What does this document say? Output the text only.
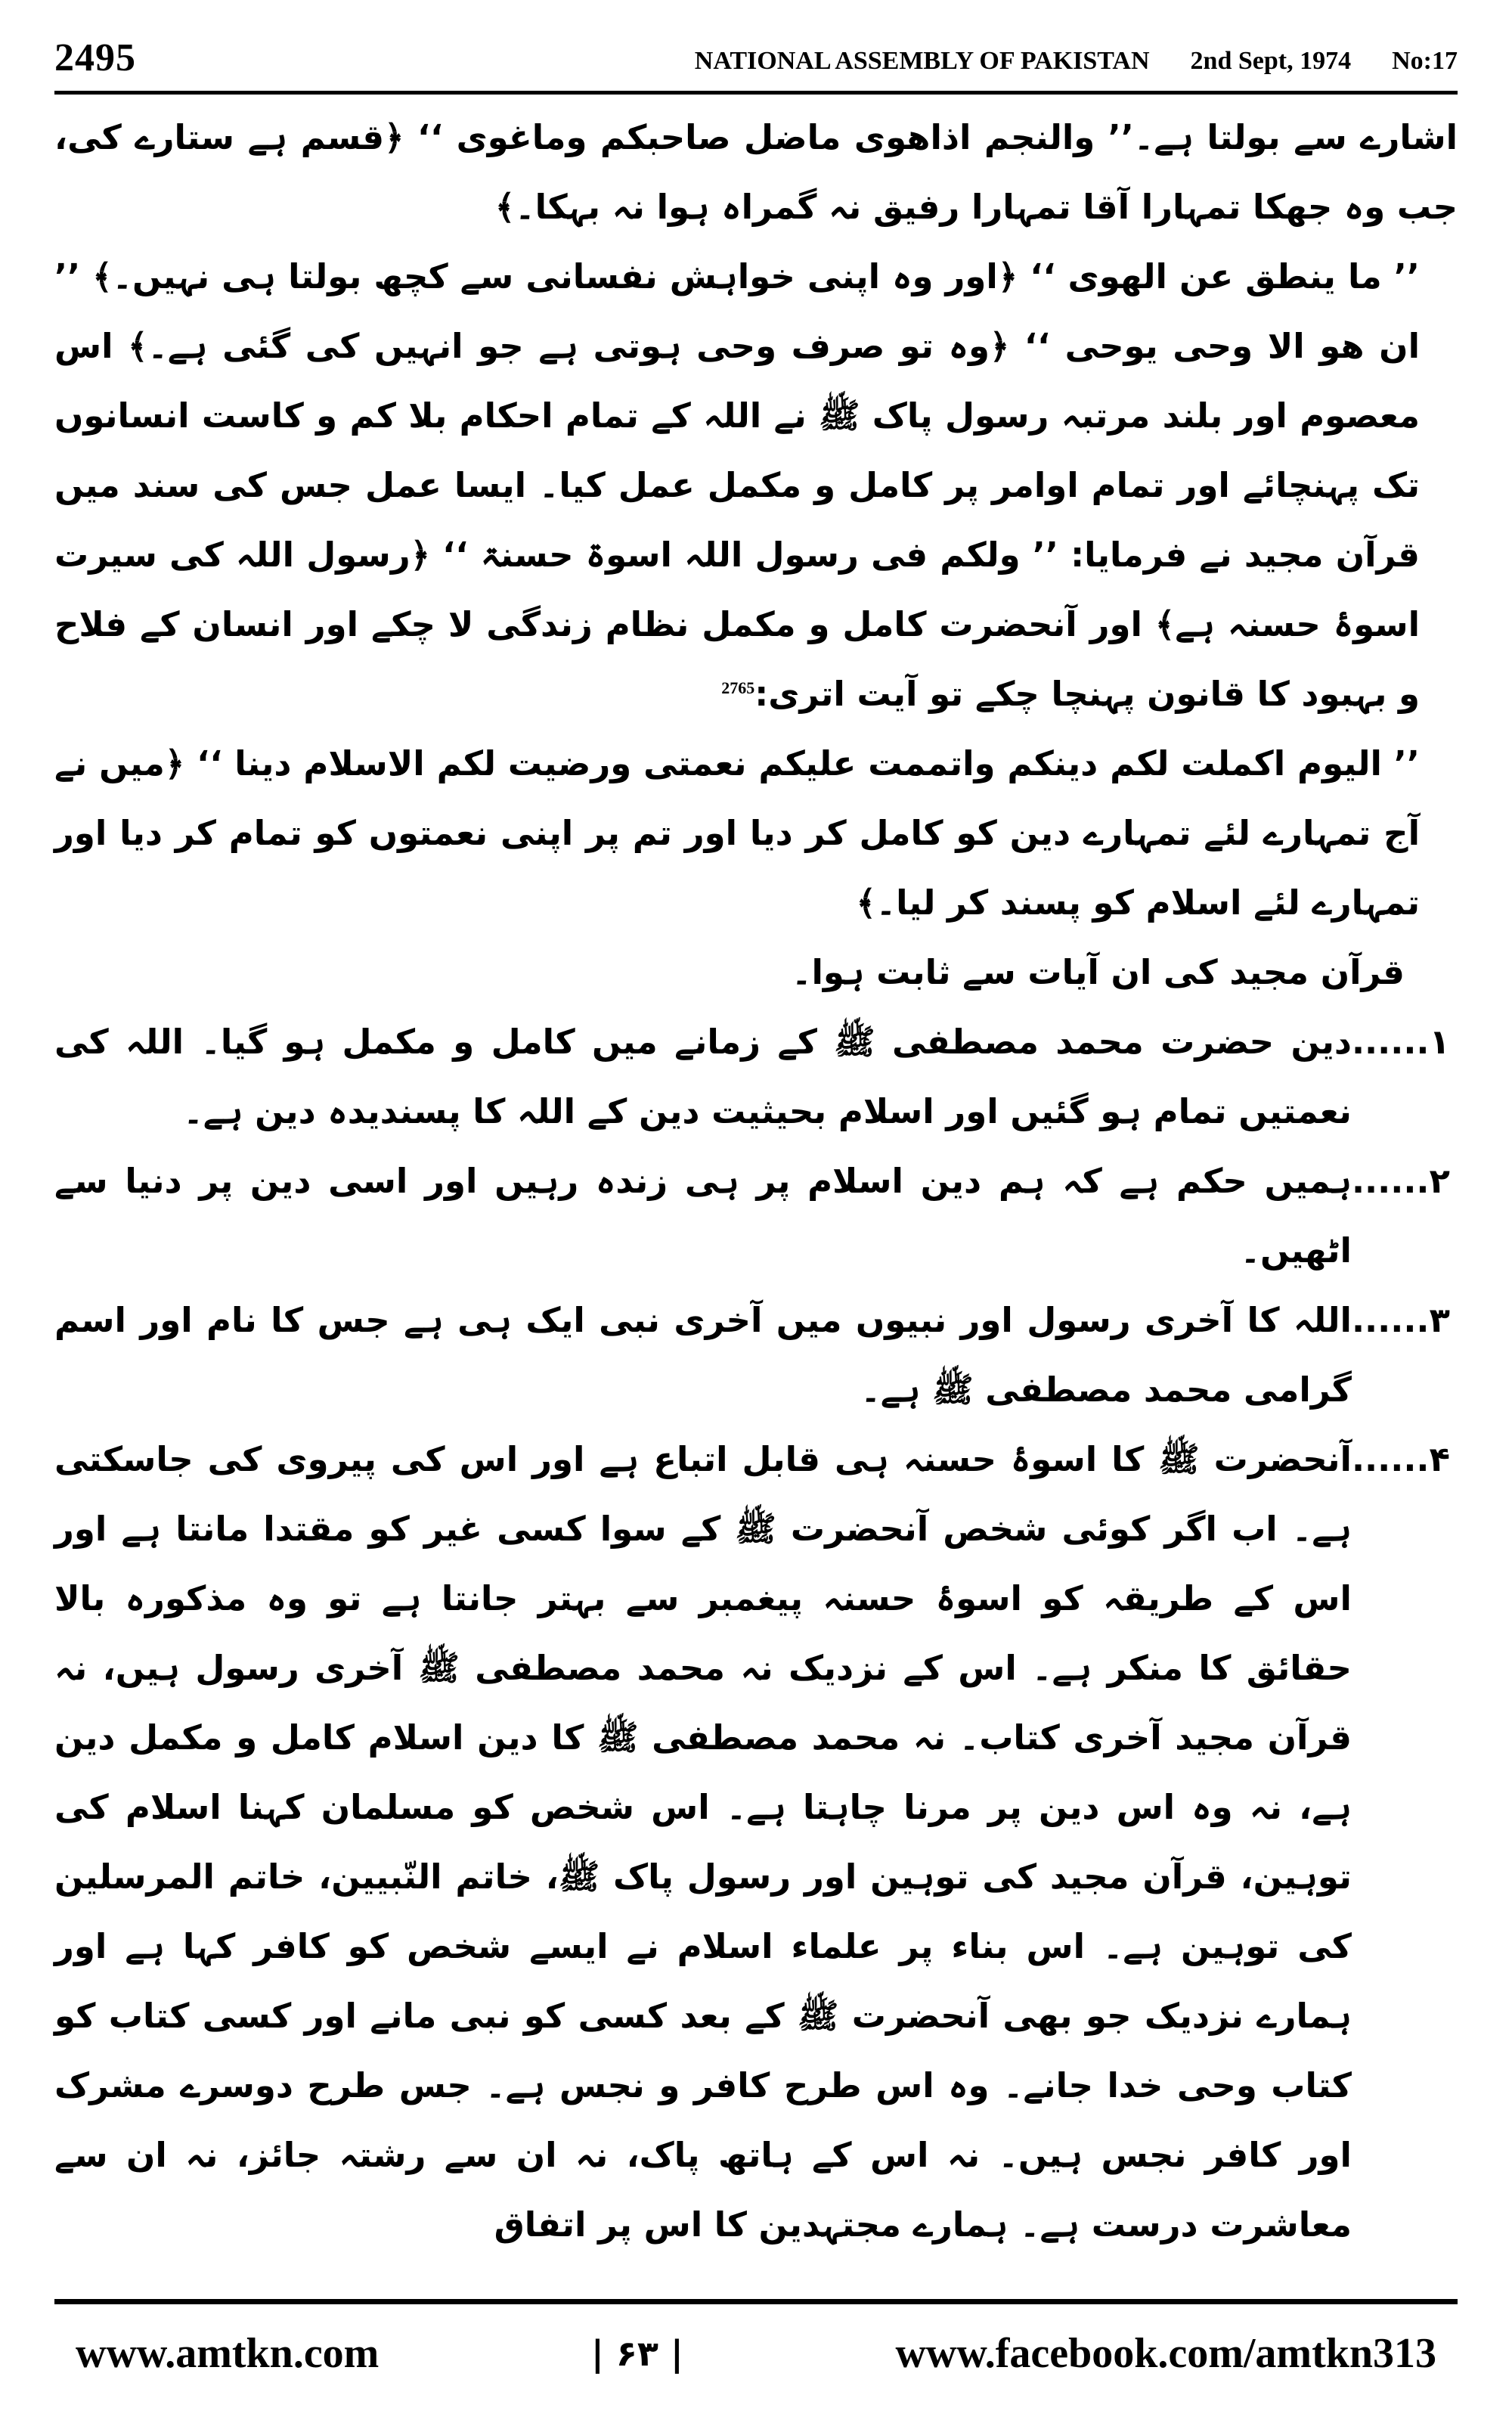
2495	NATIONAL ASSEMBLY OF PAKISTAN 2nd Sept, 1974 No:17

اشارے سے بولتا ہے۔’’ والنجم اذاھوی ماضل صاحبکم وماغوی ‘‘ ﴿قسم ہے ستارے کی، جب وہ جھکا تمہارا آقا تمہارا رفیق نہ گمراہ ہوا نہ بہکا۔﴾

’’ ما ینطق عن الھوی ‘‘ ﴿اور وہ اپنی خواہش نفسانی سے کچھ بولتا ہی نہیں۔﴾ ’’ ان ھو الا وحی یوحی ‘‘ ﴿وہ تو صرف وحی ہوتی ہے جو انہیں کی گئی ہے۔﴾ اس معصوم اور بلند مرتبہ رسول پاک ﷺ نے اللہ کے تمام احکام بلا کم و کاست انسانوں تک پہنچائے اور تمام اوامر پر کامل و مکمل عمل کیا۔ ایسا عمل جس کی سند میں قرآن مجید نے فرمایا: ’’ ولکم فی رسول اللہ اسوۃ حسنۃ ‘‘ ﴿رسول اللہ کی سیرت اسوۂ حسنہ ہے﴾ اور آنحضرت کامل و مکمل نظام زندگی لا چکے اور انسان کے فلاح و بہبود کا قانون پہنچا چکے تو آیت اتری:$^{2765}$

’’ الیوم اکملت لکم دینکم واتممت علیکم نعمتی ورضیت لکم الاسلام دینا ‘‘ ﴿میں نے آج تمہارے لئے تمہارے دین کو کامل کر دیا اور تم پر اپنی نعمتوں کو تمام کر دیا اور تمہارے لئے اسلام کو پسند کر لیا۔﴾

قرآن مجید کی ان آیات سے ثابت ہوا۔

۱......
دین حضرت محمد مصطفی ﷺ کے زمانے میں کامل و مکمل ہو گیا۔ اللہ کی نعمتیں تمام ہو گئیں اور اسلام بحیثیت دین کے اللہ کا پسندیدہ دین ہے۔
۲......
ہمیں حکم ہے کہ ہم دین اسلام پر ہی زندہ رہیں اور اسی دین پر دنیا سے اٹھیں۔
۳......
اللہ کا آخری رسول اور نبیوں میں آخری نبی ایک ہی ہے جس کا نام اور اسم گرامی محمد مصطفی ﷺ ہے۔
۴......
آنحضرت ﷺ کا اسوۂ حسنہ ہی قابل اتباع ہے اور اس کی پیروی کی جاسکتی ہے۔ اب اگر کوئی شخص آنحضرت ﷺ کے سوا کسی غیر کو مقتدا مانتا ہے اور اس کے طریقہ کو اسوۂ حسنہ پیغمبر سے بہتر جانتا ہے تو وہ مذکورہ بالا حقائق کا منکر ہے۔ اس کے نزدیک نہ محمد مصطفی ﷺ آخری رسول ہیں، نہ قرآن مجید آخری کتاب۔ نہ محمد مصطفی ﷺ کا دین اسلام کامل و مکمل دین ہے، نہ وہ اس دین پر مرنا چاہتا ہے۔ اس شخص کو مسلمان کہنا اسلام کی توہین، قرآن مجید کی توہین اور رسول پاک ﷺ، خاتم النّبیین، خاتم المرسلین کی توہین ہے۔ اس بناء پر علماء اسلام نے ایسے شخص کو کافر کہا ہے اور ہمارے نزدیک جو بھی آنحضرت ﷺ کے بعد کسی کو نبی مانے اور کسی کتاب کو کتاب وحی خدا جانے۔ وہ اس طرح کافر و نجس ہے۔ جس طرح دوسرے مشرک اور کافر نجس ہیں۔ نہ اس کے ہاتھ پاک، نہ ان سے رشتہ جائز، نہ ان سے معاشرت درست ہے۔ ہمارے مجتہدین کا اس پر اتفاق
www.amtkn.com	| ۶۳ |	www.facebook.com/amtkn313
